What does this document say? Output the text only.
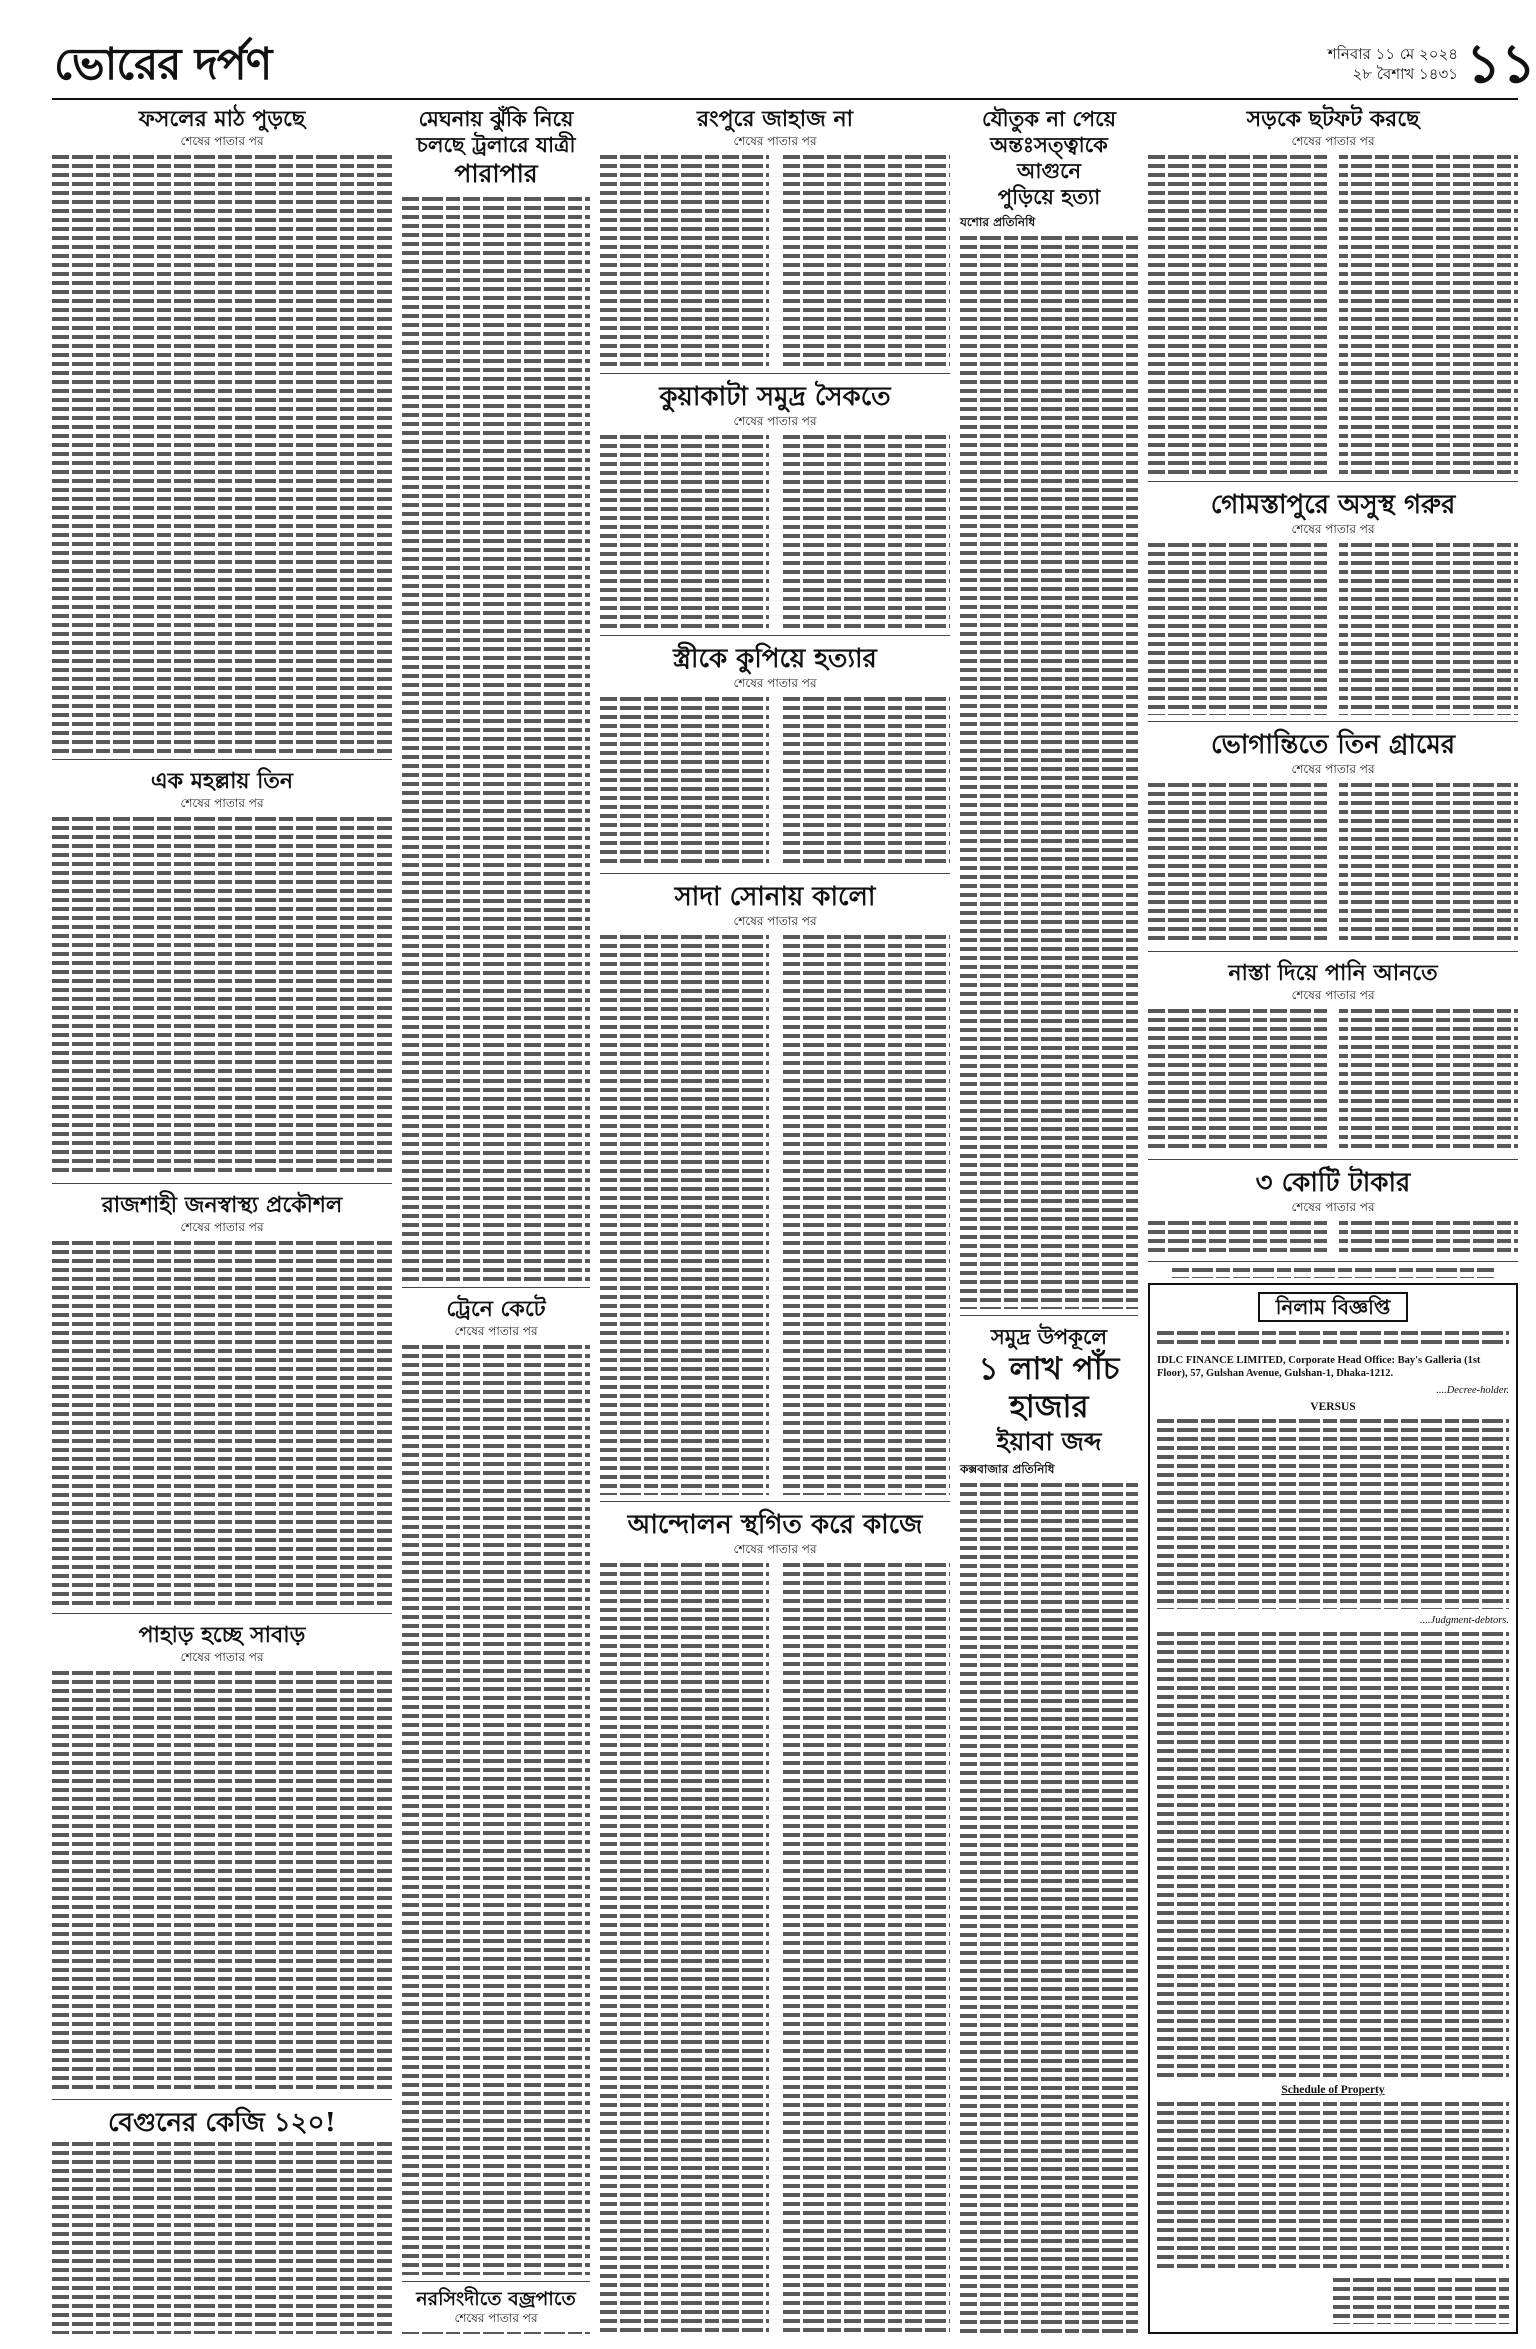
ভোরের দর্পণ	শনিবার ১১ মে ২০২৪
২৮ বৈশাখ ১৪৩১ ১১
ফসলের মাঠ পুড়ছে
শেষের পাতার পর
এক মহল্লায় তিন
শেষের পাতার পর
রাজশাহী জনস্বাস্থ্য প্রকৌশল
শেষের পাতার পর
পাহাড় হচ্ছে সাবাড়
শেষের পাতার পর
বেগুনের কেজি ১২০!
মেঘনায় ঝুঁকি নিয়ে
চলছে ট্রলারে যাত্রী
পারাপার
ট্রেনে কেটে
শেষের পাতার পর
নরসিংদীতে বজ্রপাতে
শেষের পাতার পর
রংপুরে জাহাজ না
শেষের পাতার পর
কুয়াকাটা সমুদ্র সৈকতে
শেষের পাতার পর
স্ত্রীকে কুপিয়ে হত্যার
শেষের পাতার পর
সাদা সোনায় কালো
শেষের পাতার পর
আন্দোলন স্থগিত করে কাজে
শেষের পাতার পর
যৌতুক না পেয়ে
অন্তঃসত্ত্বাকে আগুনে
পুড়িয়ে হত্যা
যশোর প্রতিনিধি
সমুদ্র উপকূলে
১ লাখ পাঁচ হাজার
ইয়াবা জব্দ
কক্সবাজার প্রতিনিধি
সড়কে ছটফট করছে
শেষের পাতার পর
গোমস্তাপুরে অসুস্থ গরুর
শেষের পাতার পর
ভোগান্তিতে তিন গ্রামের
শেষের পাতার পর
নাস্তা দিয়ে পানি আনতে
শেষের পাতার পর
৩ কোটি টাকার
শেষের পাতার পর
নিলাম বিজ্ঞপ্তি
IDLC FINANCE LIMITED, Corporate Head Office: Bay's Galleria (1st Floor), 57, Gulshan Avenue, Gulshan-1, Dhaka-1212.
....Decree-holder.
VERSUS
....Judgment-debtors.
Schedule of Property
